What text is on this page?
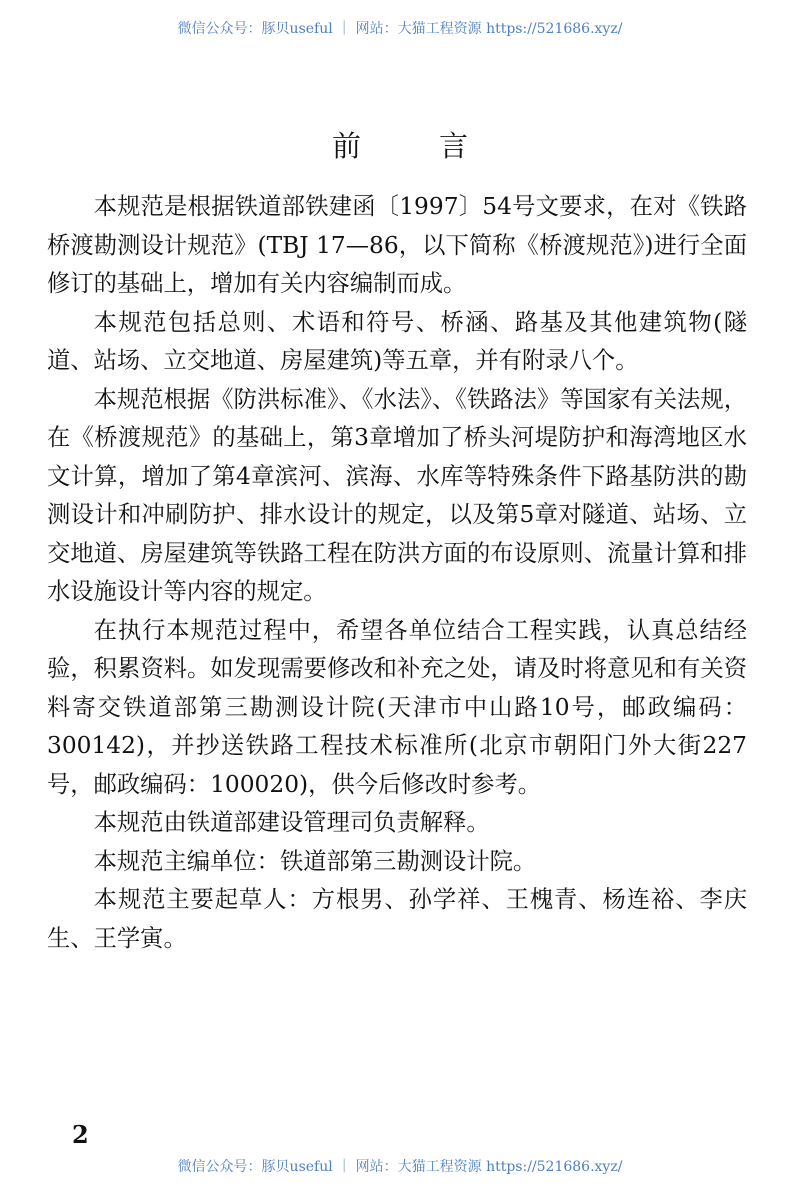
微信公众号：豚贝useful ｜ 网站：大猫工程资源 https://521686.xyz/
前	言

本规范是根据铁道部铁建函〔1997〕54号文要求，在对《铁路桥渡勘测设计规范》(TBJ 17—86，以下简称《桥渡规范》)进行全面修订的基础上，增加有关内容编制而成。

本规范包括总则、术语和符号、桥涵、路基及其他建筑物(隧道、站场、立交地道、房屋建筑)等五章，并有附录八个。

本规范根据《防洪标准》、《水法》、《铁路法》等国家有关法规，在《桥渡规范》的基础上，第3章增加了桥头河堤防护和海湾地区水文计算，增加了第4章滨河、滨海、水库等特殊条件下路基防洪的勘测设计和冲刷防护、排水设计的规定，以及第5章对隧道、站场、立交地道、房屋建筑等铁路工程在防洪方面的布设原则、流量计算和排水设施设计等内容的规定。

在执行本规范过程中，希望各单位结合工程实践，认真总结经验，积累资料。如发现需要修改和补充之处，请及时将意见和有关资料寄交铁道部第三勘测设计院(天津市中山路10号，邮政编码：300142)，并抄送铁路工程技术标准所(北京市朝阳门外大街227号，邮政编码：100020)，供今后修改时参考。

本规范由铁道部建设管理司负责解释。

本规范主编单位：铁道部第三勘测设计院。

本规范主要起草人：方根男、孙学祥、王槐青、杨连裕、李庆生、王学寅。

2
微信公众号：豚贝useful ｜ 网站：大猫工程资源 https://521686.xyz/
